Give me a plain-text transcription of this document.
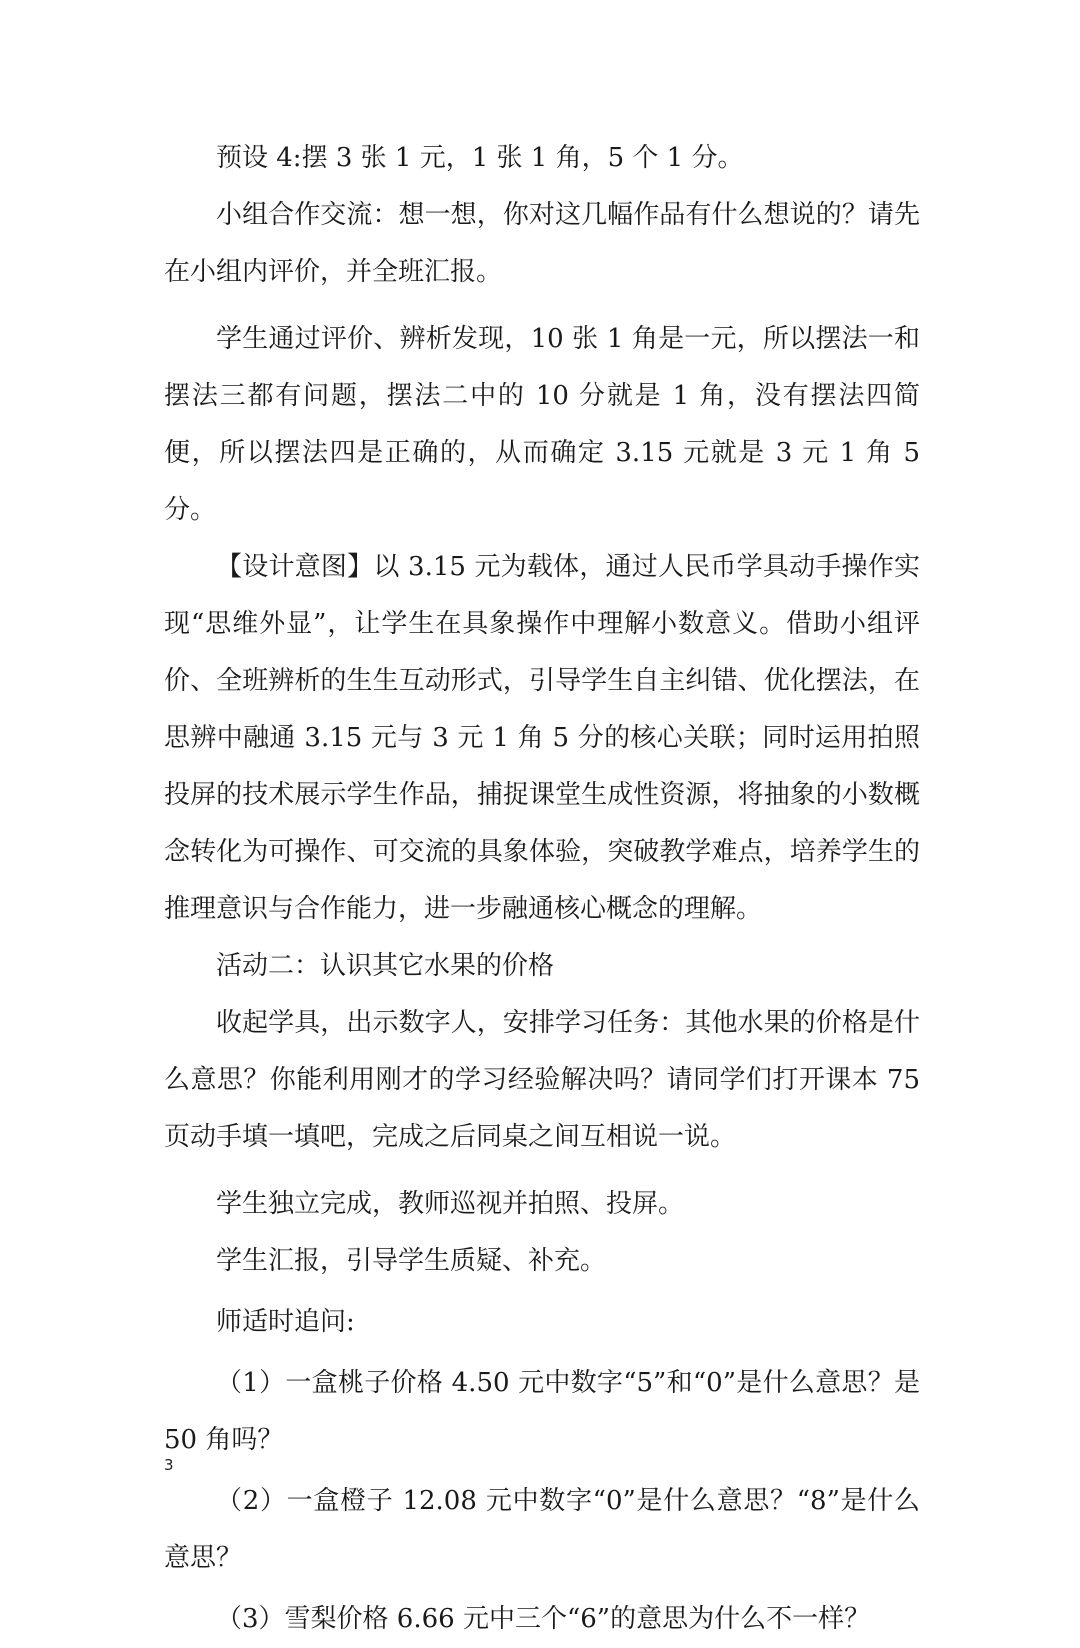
预设 4:摆 3 张 1 元，1 张 1 角，5 个 1 分。

小组合作交流：想一想，你对这几幅作品有什么想说的？请先在小组内评价，并全班汇报。

学生通过评价、辨析发现，10 张 1 角是一元，所以摆法一和摆法三都有问题，摆法二中的 10 分就是 1 角，没有摆法四简便，所以摆法四是正确的，从而确定 3.15 元就是 3 元 1 角 5 分。

【设计意图】以 3.15 元为载体，通过人民币学具动手操作实现“思维外显”，让学生在具象操作中理解小数意义。借助小组评价、全班辨析的生生互动形式，引导学生自主纠错、优化摆法，在思辨中融通 3.15 元与 3 元 1 角 5 分的核心关联；同时运用拍照投屏的技术展示学生作品，捕捉课堂生成性资源，将抽象的小数概念转化为可操作、可交流的具象体验，突破教学难点，培养学生的推理意识与合作能力，进一步融通核心概念的理解。

活动二：认识其它水果的价格

收起学具，出示数字人，安排学习任务：其他水果的价格是什么意思？你能利用刚才的学习经验解决吗？请同学们打开课本 75 页动手填一填吧，完成之后同桌之间互相说一说。

学生独立完成，教师巡视并拍照、投屏。

学生汇报，引导学生质疑、补充。

师适时追问:

（1）一盒桃子价格 4.50 元中数字“5”和“0”是什么意思？是50 角吗？

（2）一盒橙子 12.08 元中数字“0”是什么意思？“8”是什么意思？

（3）雪梨价格 6.66 元中三个“6”的意思为什么不一样？

3
